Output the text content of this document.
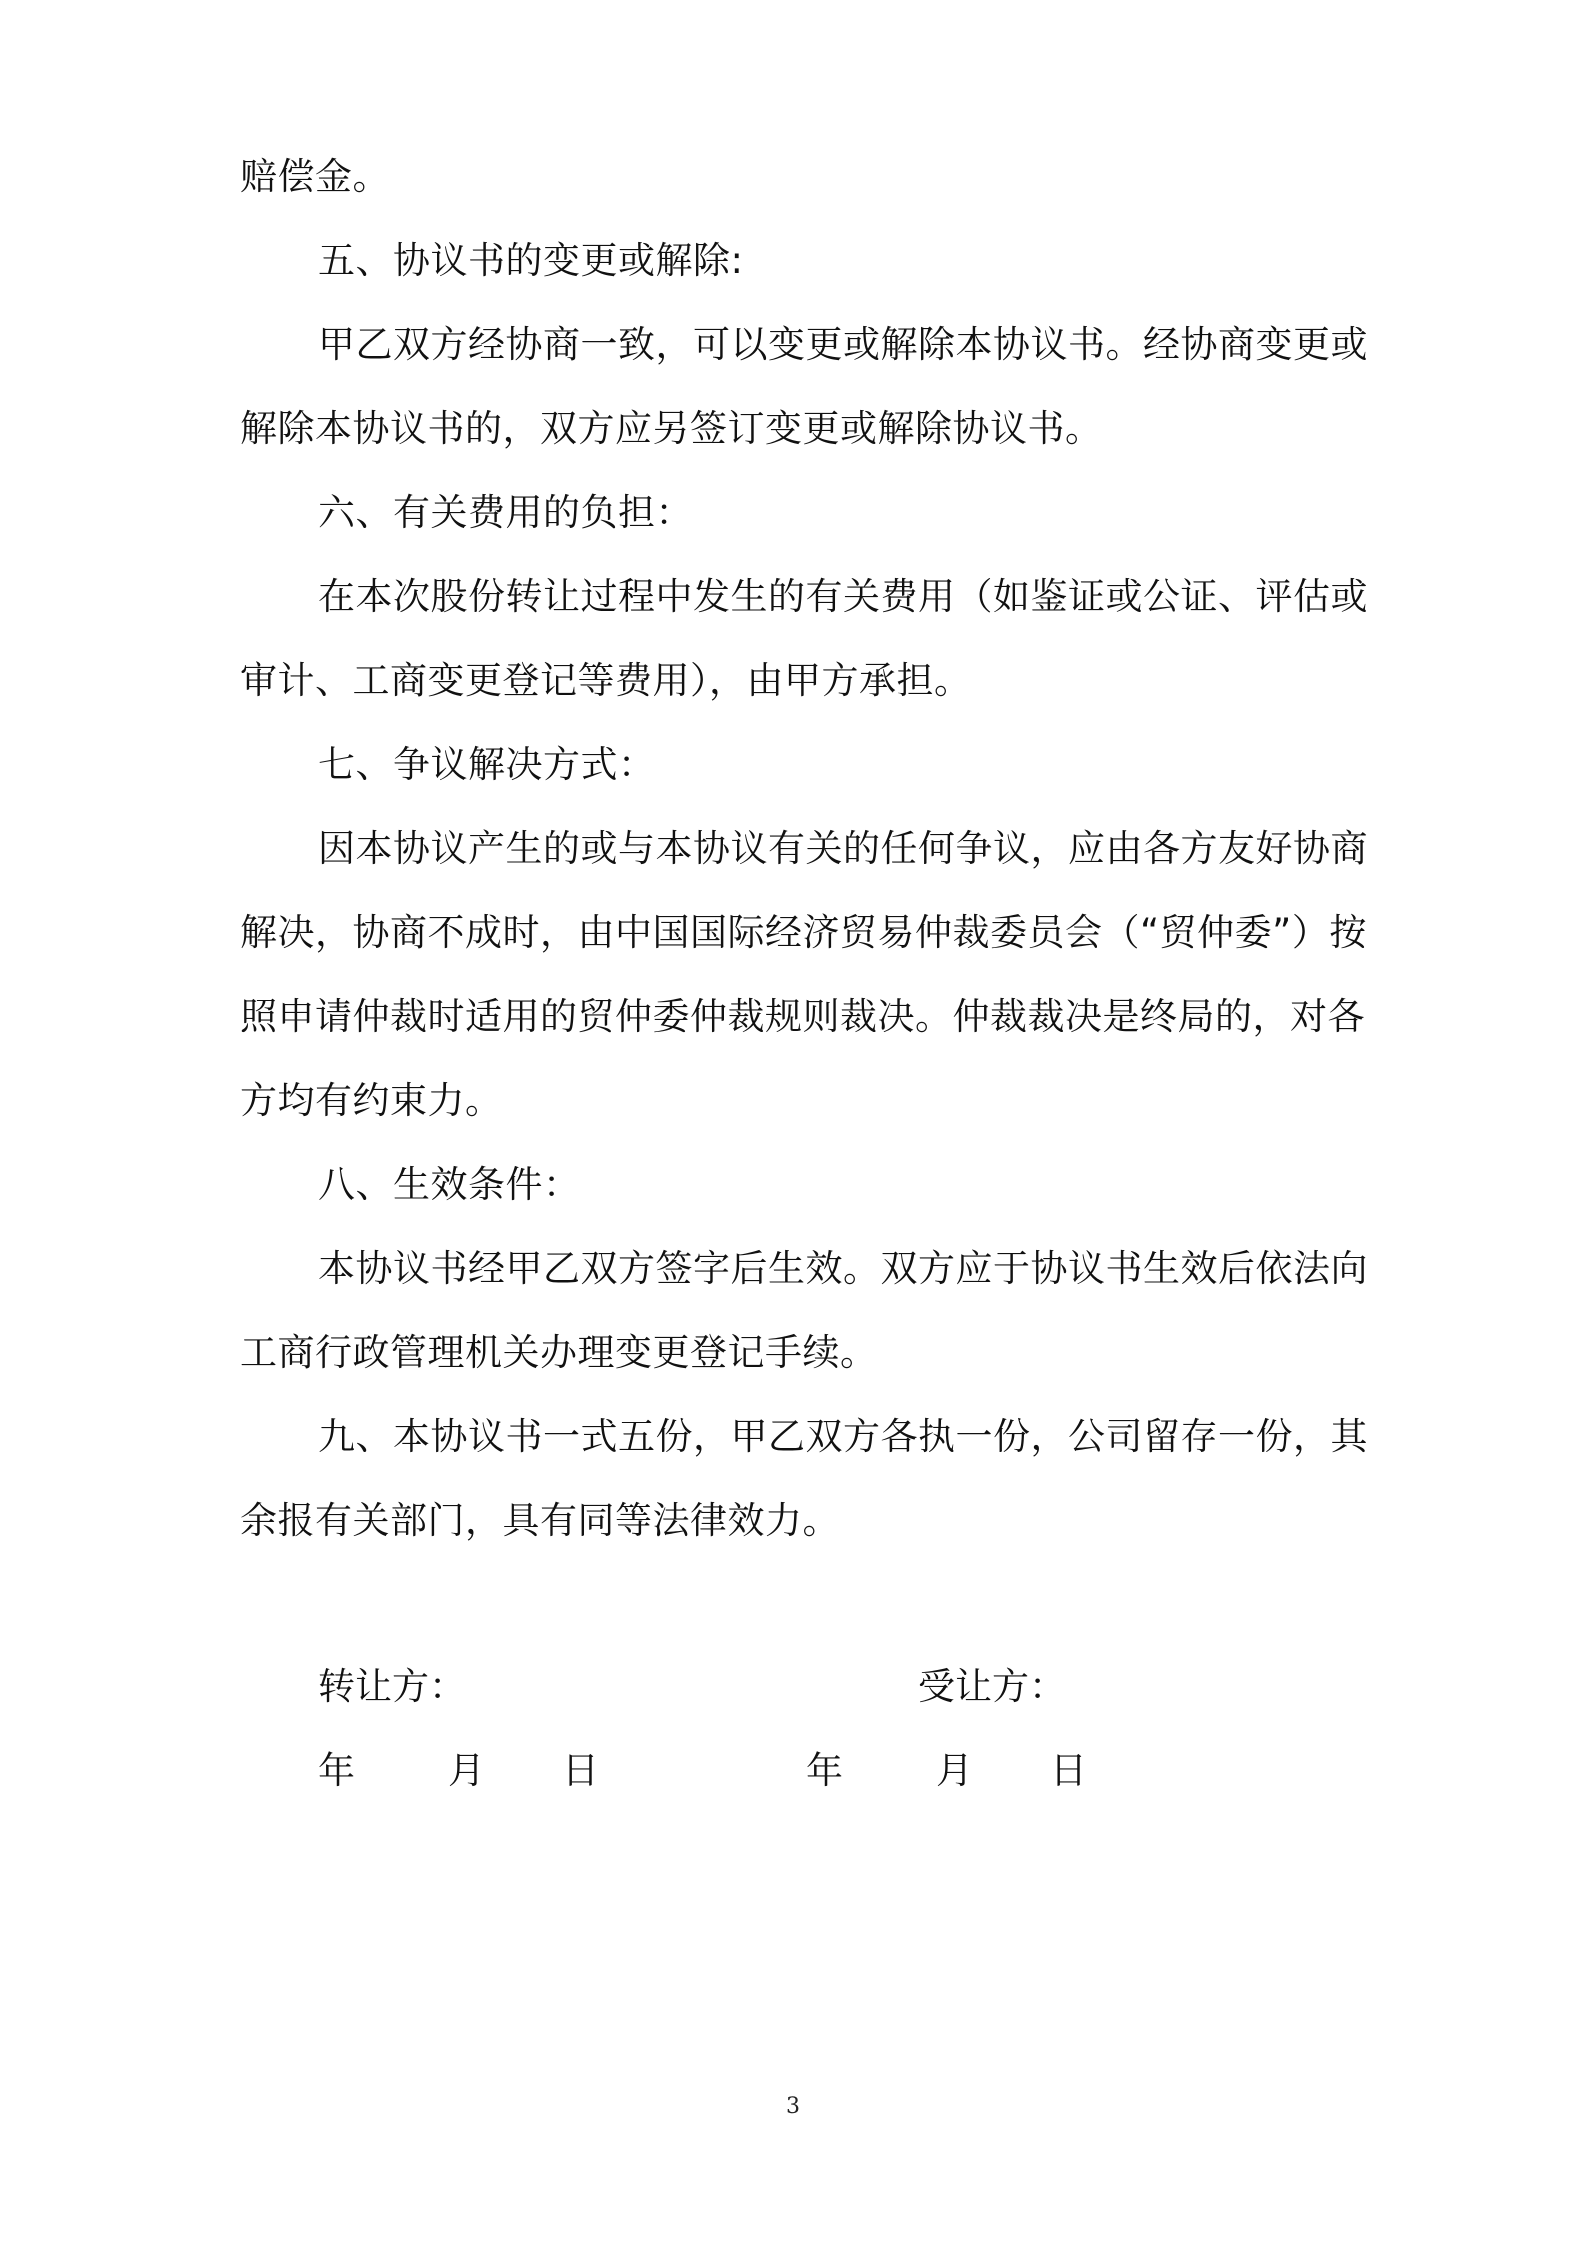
赔偿金。
五、协议书的变更或解除:
甲乙双方经协商一致，可以变更或解除本协议书。经协商变更或
解除本协议书的，双方应另签订变更或解除协议书。
六、有关费用的负担：
在本次股份转让过程中发生的有关费用（如鉴证或公证、评估或
审计、工商变更登记等费用），由甲方承担。
七、争议解决方式：
因本协议产生的或与本协议有关的任何争议，应由各方友好协商
解决，协商不成时，由中国国际经济贸易仲裁委员会（“贸仲委”）按
照申请仲裁时适用的贸仲委仲裁规则裁决。仲裁裁决是终局的，对各
方均有约束力。
八、生效条件：
本协议书经甲乙双方签字后生效。双方应于协议书生效后依法向
工商行政管理机关办理变更登记手续。
九、本协议书一式五份，甲乙双方各执一份，公司留存一份，其
余报有关部门，具有同等法律效力。
转让方：	受让方：
年	月 日	年	月 日
3
